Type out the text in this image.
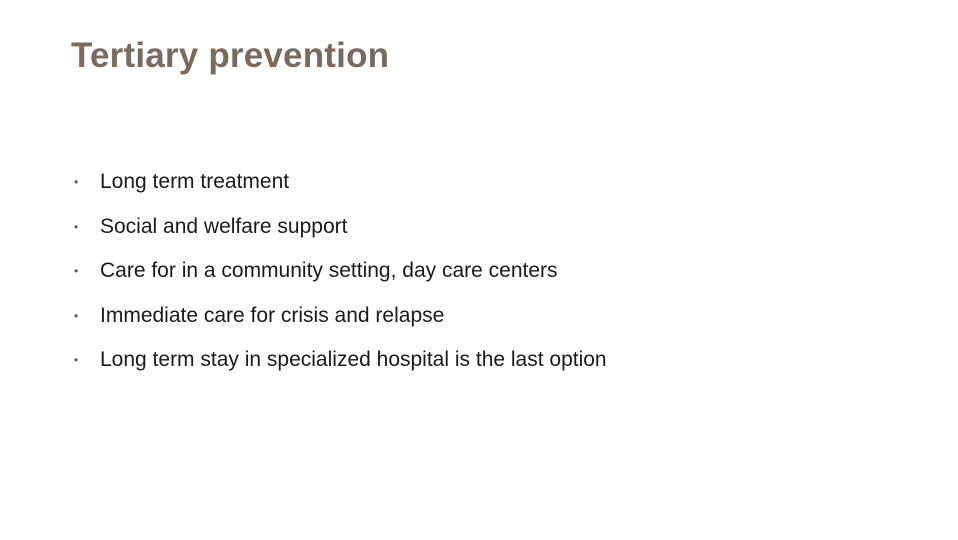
Tertiary prevention
•	Long term treatment
•	Social and welfare support
•	Care for in a community setting, day care centers
•	Immediate care for crisis and relapse
•	Long term stay in specialized hospital is the last option
